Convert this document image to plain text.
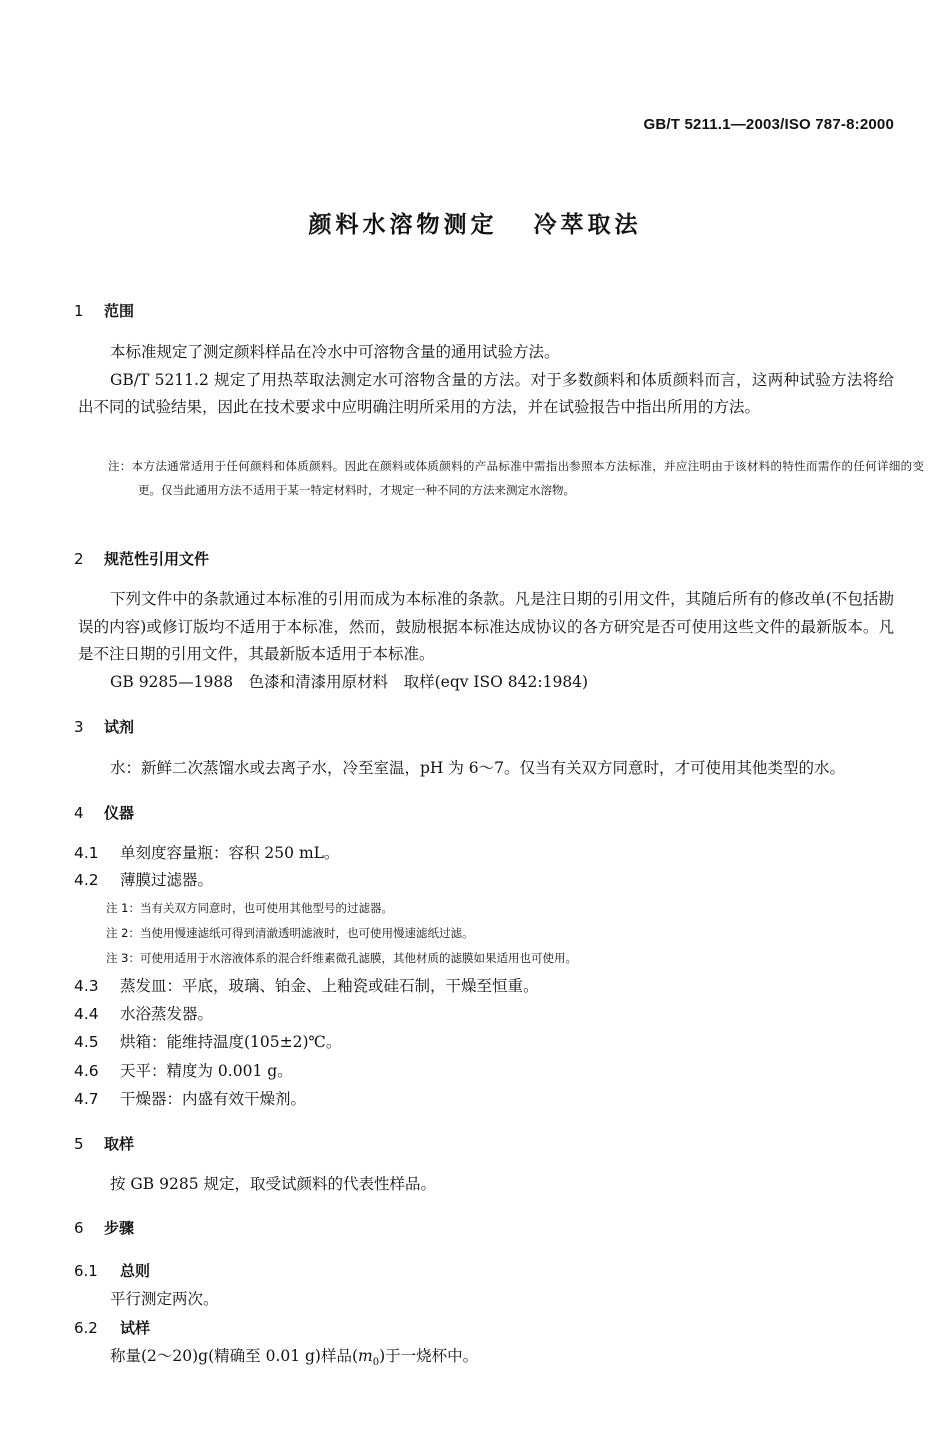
GB/T 5211.1—2003/ISO 787-8:2000
颜料水溶物测定 冷萃取法
1 范围
本标准规定了测定颜料样品在冷水中可溶物含量的通用试验方法。
GB/T 5211.2 规定了用热萃取法测定水可溶物含量的方法。对于多数颜料和体质颜料而言，这两种试验方法将给出不同的试验结果，因此在技术要求中应明确注明所采用的方法，并在试验报告中指出所用的方法。
注：本方法通常适用于任何颜料和体质颜料。因此在颜料或体质颜料的产品标准中需指出参照本方法标准，并应注明由于该材料的特性而需作的任何详细的变更。仅当此通用方法不适用于某一特定材料时，才规定一种不同的方法来测定水溶物。
2 规范性引用文件
下列文件中的条款通过本标准的引用而成为本标准的条款。凡是注日期的引用文件，其随后所有的修改单(不包括勘误的内容)或修订版均不适用于本标准，然而，鼓励根据本标准达成协议的各方研究是否可使用这些文件的最新版本。凡是不注日期的引用文件，其最新版本适用于本标准。
GB 9285—1988　色漆和清漆用原材料　取样(eqv ISO 842:1984)
3 试剂
水：新鲜二次蒸馏水或去离子水，冷至室温，pH 为 6～7。仅当有关双方同意时，才可使用其他类型的水。
4 仪器
4.1 单刻度容量瓶：容积 250 mL。
4.2 薄膜过滤器。
注 1：当有关双方同意时，也可使用其他型号的过滤器。
注 2：当使用慢速滤纸可得到清澈透明滤液时，也可使用慢速滤纸过滤。
注 3：可使用适用于水溶液体系的混合纤维素微孔滤膜，其他材质的滤膜如果适用也可使用。
4.3 蒸发皿：平底，玻璃、铂金、上釉瓷或硅石制，干燥至恒重。
4.4 水浴蒸发器。
4.5 烘箱：能维持温度(105±2)℃。
4.6 天平：精度为 0.001 g。
4.7 干燥器：内盛有效干燥剂。
5 取样
按 GB 9285 规定，取受试颜料的代表性样品。
6 步骤
6.1 总则
平行测定两次。
6.2 试样
称量(2～20)g(精确至 0.01 g)样品$(m_0)$于一烧杯中。
